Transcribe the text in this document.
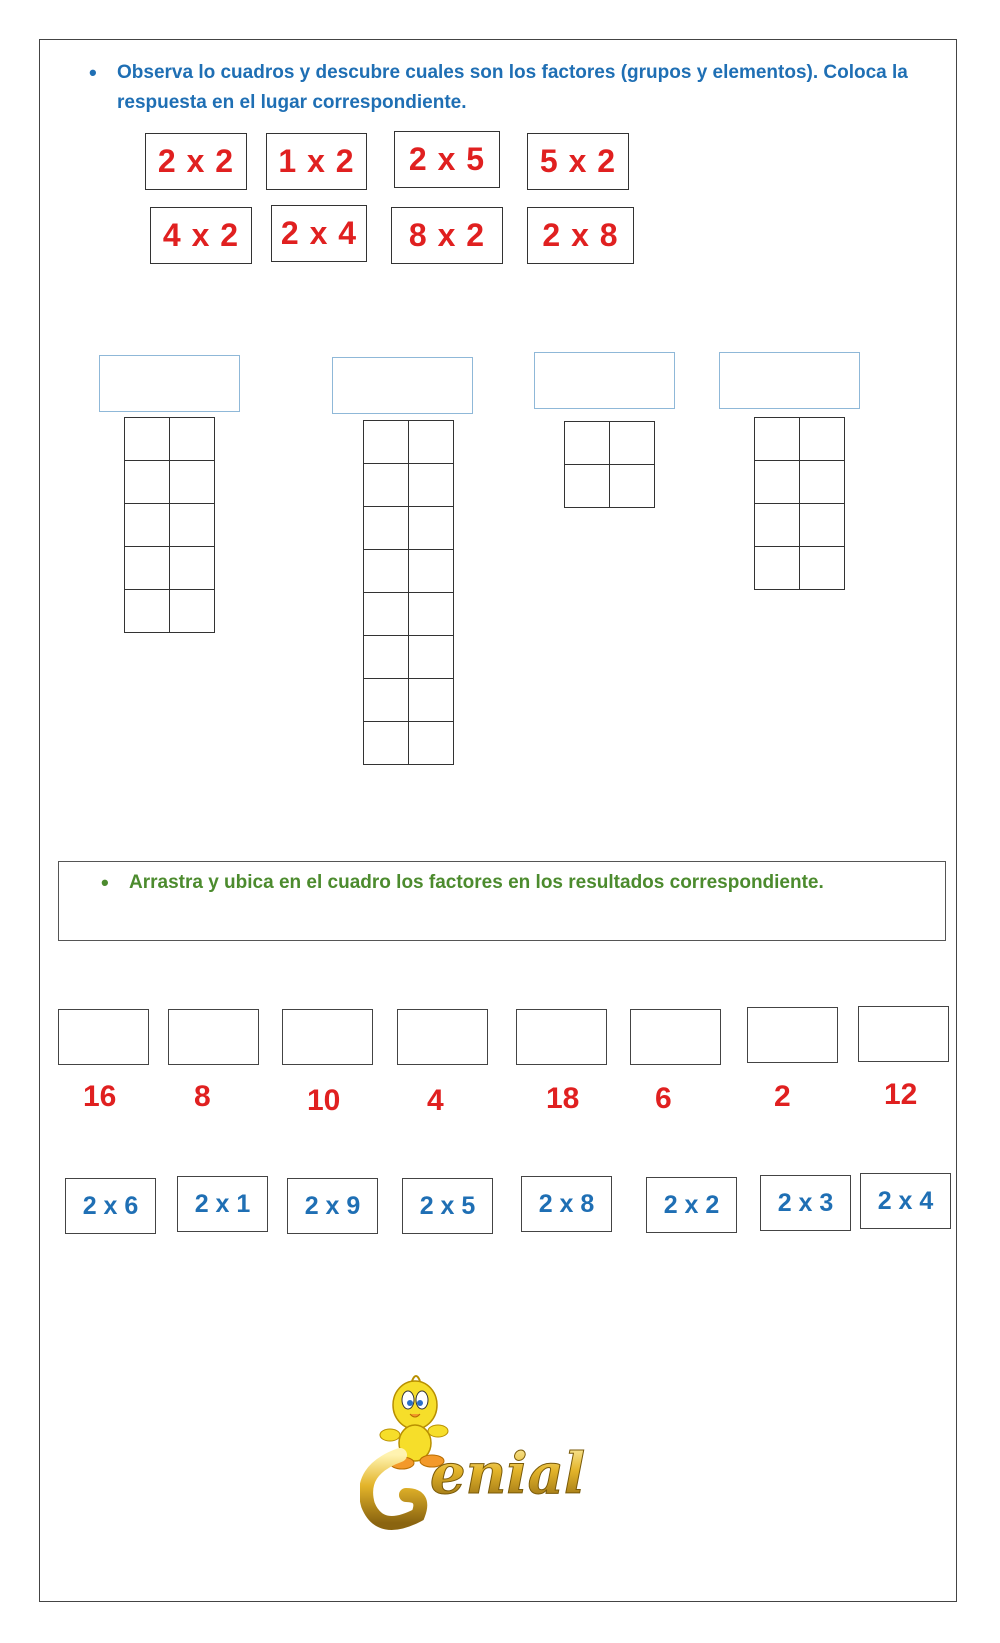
• Observa lo cuadros y descubre cuales son los factores (grupos y elementos). Coloca la respuesta en el lugar correspondiente.
2 x 2	1 x 2	2 x 5	5 x 2
4 x 2	2 x 4	8 x 2	2 x 8

• Arrastra y ubica en el cuadro los factores en los resultados correspondiente.
16	8	10	4	18	6	2	12
2 x 6	2 x 1	2 x 9	2 x 5	2 x 8	2 x 2	2 x 3	2 x 4
enial
